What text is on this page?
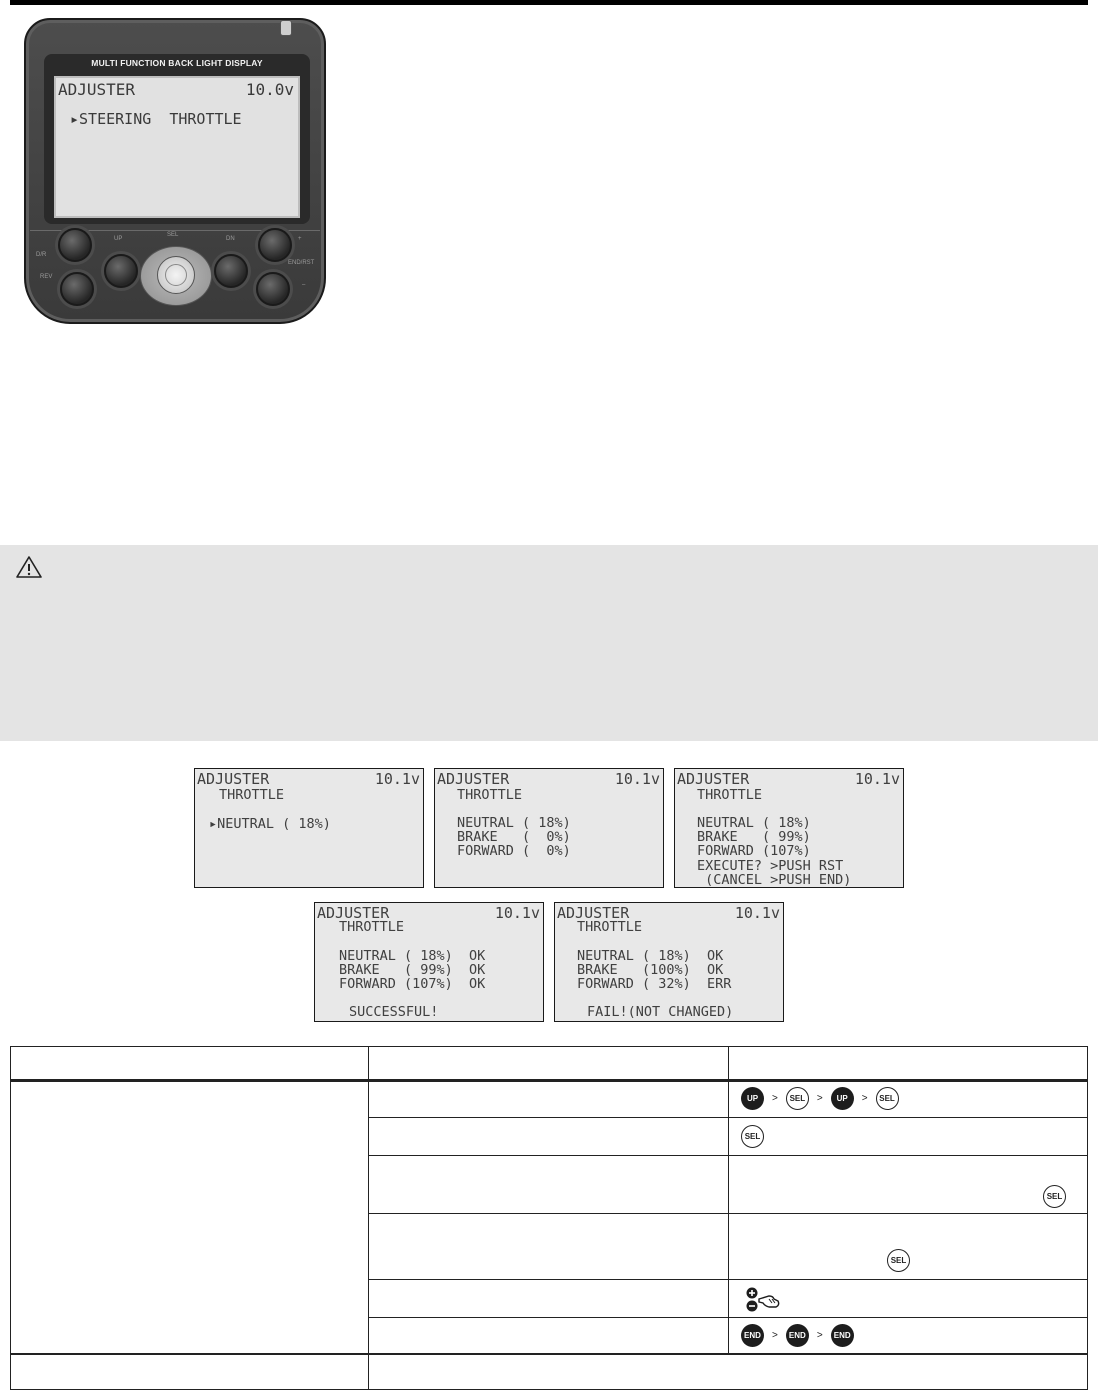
MULTI FUNCTION BACK LIGHT DISPLAY
ADJUSTER	10.0v
▸STEERING  THROTTLE
D/R
REV
UP
SEL
DN	+
END/RST
–
ADJUSTER	10.1v
THROTTLE
▸NEUTRAL ( 18%)
ADJUSTER	10.1v
THROTTLE
NEUTRAL ( 18%)
BRAKE   (  0%)
FORWARD (  0%)
ADJUSTER	10.1v
THROTTLE
NEUTRAL ( 18%)
BRAKE   ( 99%)
FORWARD (107%)
EXECUTE? >PUSH RST
(CANCEL >PUSH END)
ADJUSTER	10.1v
THROTTLE
NEUTRAL ( 18%)  OK
BRAKE   ( 99%)  OK
FORWARD (107%)  OK
SUCCESSFUL!
ADJUSTER	10.1v
THROTTLE
NEUTRAL ( 18%)  OK
BRAKE   (100%)  OK
FORWARD ( 32%)  ERR
FAIL!(NOT CHANGED)
UP	>	SEL	>	UP	>	SEL
SEL
SEL
SEL
END	>	END	>	END
